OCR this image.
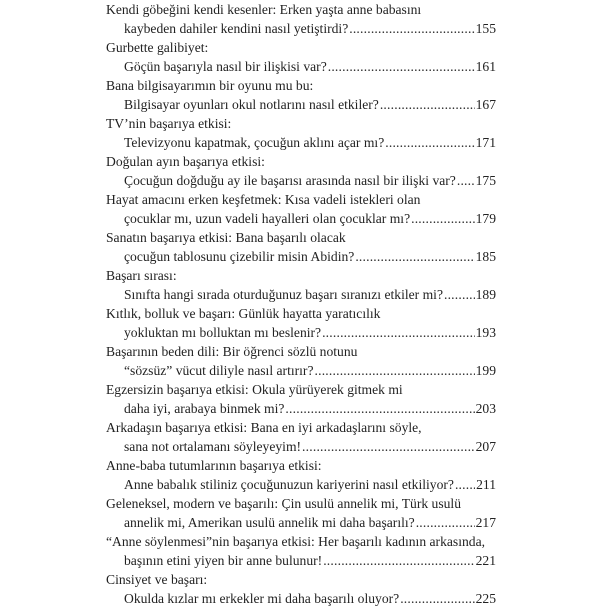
Kendi göbeğini kendi kesenler: Erken yaşta anne babasını
kaybeden dahiler kendini nasıl yetiştirdi? .....	155
Gurbette galibiyet:
Göçün başarıyla nasıl bir ilişkisi var? .....	161
Bana bilgisayarımın bir oyunu mu bu:
Bilgisayar oyunları okul notlarını nasıl etkiler? .....	167
TV’nin başarıya etkisi:
Televizyonu kapatmak, çocuğun aklını açar mı? .....	171
Doğulan ayın başarıya etkisi:
Çocuğun doğduğu ay ile başarısı arasında nasıl bir ilişki var? ..... 175
Hayat amacını erken keşfetmek: Kısa vadeli istekleri olan
çocuklar mı, uzun vadeli hayalleri olan çocuklar mı? .....	179
Sanatın başarıya etkisi: Bana başarılı olacak
çocuğun tablosunu çizebilir misin Abidin? .....	185
Başarı sırası:
Sınıfta hangi sırada oturduğunuz başarı sıranızı etkiler mi? ..... 189
Kıtlık, bolluk ve başarı: Günlük hayatta yaratıcılık
yokluktan mı bolluktan mı beslenir? .....	193
Başarının beden dili: Bir öğrenci sözlü notunu
“sözsüz” vücut diliyle nasıl artırır? .....	199
Egzersizin başarıya etkisi: Okula yürüyerek gitmek mi
daha iyi, arabaya binmek mi? .....	203
Arkadaşın başarıya etkisi: Bana en iyi arkadaşlarını söyle,
sana not ortalamanı söyleyeyim! .....	207
Anne-baba tutumlarının başarıya etkisi:
Anne babalık stiliniz çocuğunuzun kariyerini nasıl etkiliyor? ..... 211
Geleneksel, modern ve başarılı: Çin usulü annelik mi, Türk usulü
annelik mi, Amerikan usulü annelik mi daha başarılı? .....	217
“Anne söylenmesi”nin başarıya etkisi: Her başarılı kadının arkasında,
başının etini yiyen bir anne bulunur! .....	221
Cinsiyet ve başarı:
Okulda kızlar mı erkekler mi daha başarılı oluyor? .....	225
